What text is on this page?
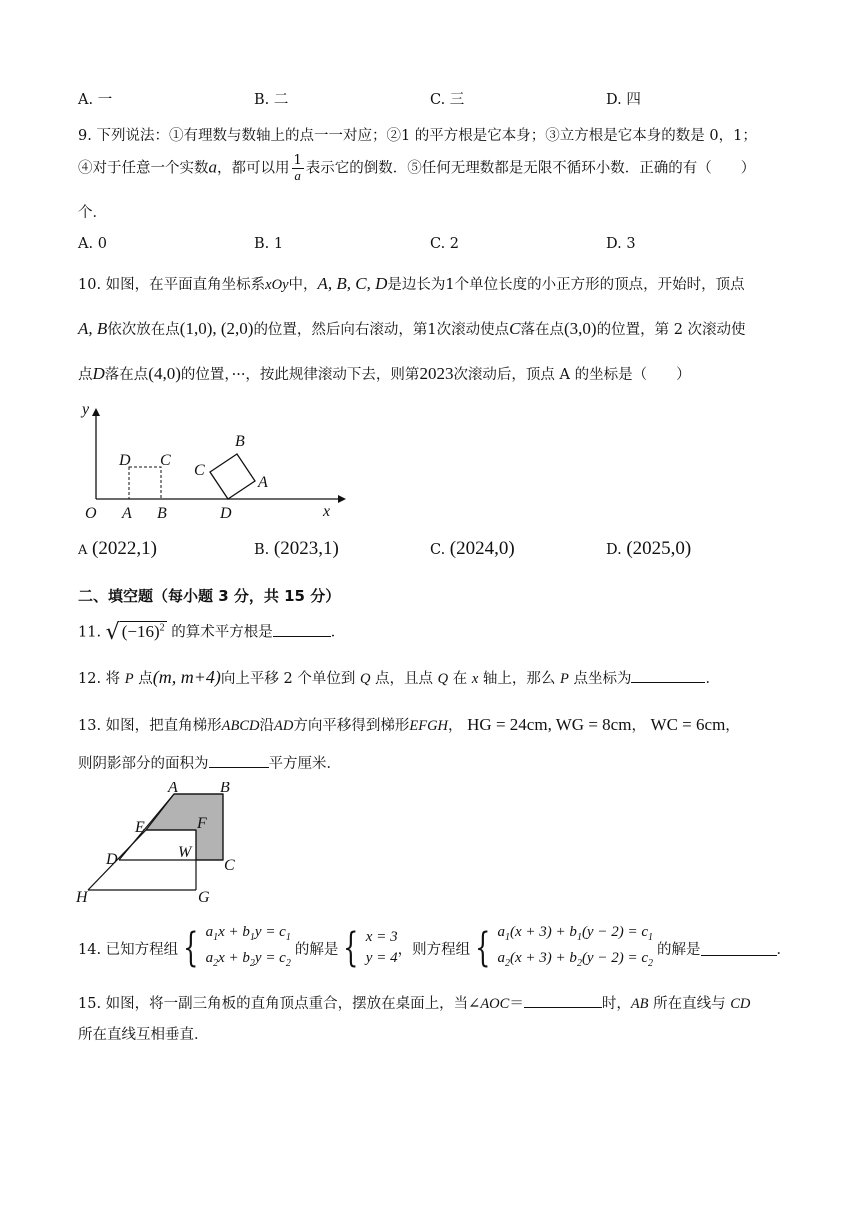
A. 一	B. 二	C. 三	D. 四
9. 下列说法：①有理数与数轴上的点一一对应；②1 的平方根是它本身；③立方根是它本身的数是 0，1；
④对于任意一个实数a，都可以用 $\frac{1}{a}$ 表示它的倒数．⑤任何无理数都是无限不循环小数．正确的有（　　）
个．
A. 0	B. 1	C. 2	D. 3
10. 如图，在平面直角坐标系xOy中，A, B, C, D是边长为1个单位长度的小正方形的顶点，开始时，顶点
A, B依次放在点(1,0), (2,0)的位置，然后向右滚动，第1次滚动使点C落在点(3,0)的位置，第 2 次滚动使
点D落在点(4,0)的位置，···，按此规律滚动下去，则第2023次滚动后，顶点 A 的坐标是（　　）
y
x
O A B
D C
D
A
B
C
A (2022,1)	B. (2023,1)	C. (2024,0)	D. (2025,0)
二、填空题（每小题 3 分，共 15 分）
11. √ $(-16)^2$ 的算术平方根是	．
12. 将 P 点(m, m+4)向上平移 2 个单位到 Q 点，且点 Q 在 x 轴上，那么 P 点坐标为	．
13. 如图，把直角梯形ABCD沿AD方向平移得到梯形EFGH， HG = 24cm, WG = 8cm， WC = 6cm，
则阴影部分的面积为	平方厘米．
A	B
E	F
D	W
C
H	G
14. 已知方程组 { $a_1x + b_1y = c_1$
$a_2x + b_2y = c_2$
的解是 { x = 3
y = 4
，则方程组 { $a_1(x + 3) + b_1(y - 2) = c_1$
$a_2(x + 3) + b_2(y - 2) = c_2$
的解是	．
15. 如图，将一副三角板的直角顶点重合，摆放在桌面上，当∠AOC＝	时，AB 所在直线与 CD
所在直线互相垂直．
